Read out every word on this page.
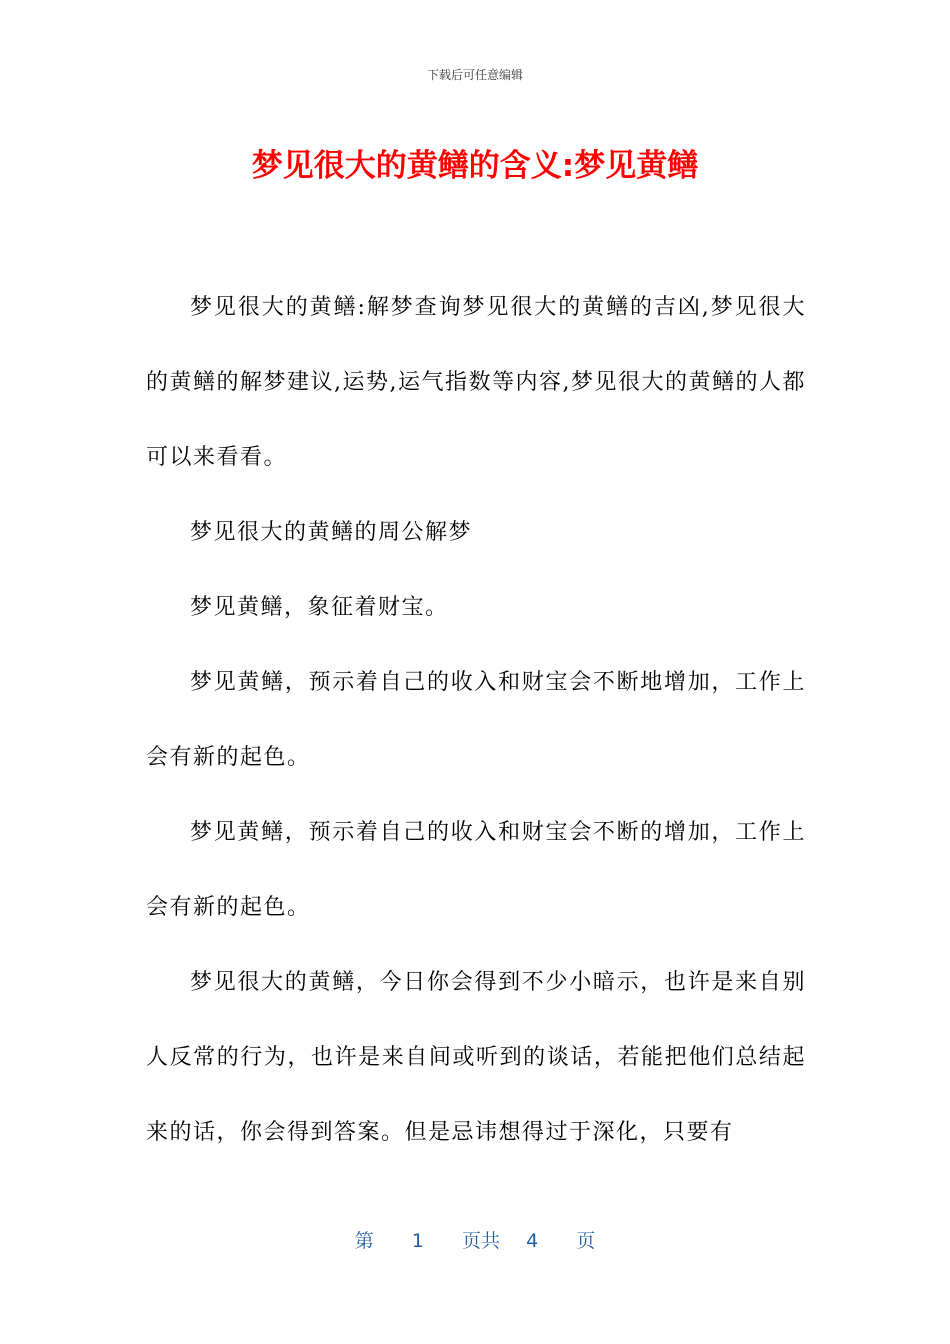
下载后可任意编辑
梦见很大的黄鳝的含义:梦见黄鳝

梦见很大的黄鳝:解梦查询梦见很大的黄鳝的吉凶,梦见很大的黄鳝的解梦建议,运势,运气指数等内容,梦见很大的黄鳝的人都可以来看看。

梦见很大的黄鳝的周公解梦

梦见黄鳝，象征着财宝。

梦见黄鳝，预示着自己的收入和财宝会不断地增加，工作上会有新的起色。

梦见黄鳝，预示着自己的收入和财宝会不断的增加，工作上会有新的起色。

梦见很大的黄鳝，今日你会得到不少小暗示，也许是来自别人反常的行为，也许是来自间或听到的谈话，若能把他们总结起来的话，你会得到答案。但是忌讳想得过于深化，只要有

第 1 页共 4 页
